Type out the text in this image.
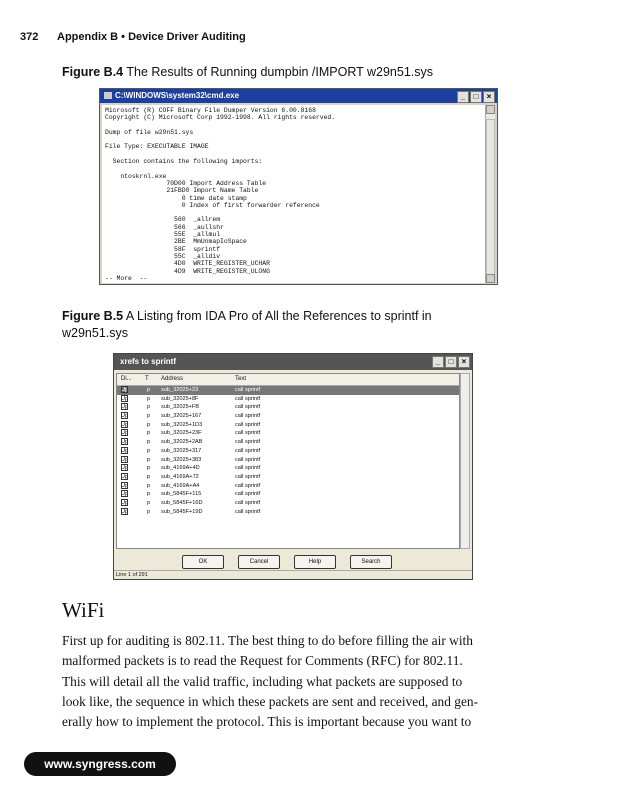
372 Appendix B • Device Driver Auditing
Figure B.4 The Results of Running dumpbin /IMPORT w29n51.sys
C:\WINDOWS\system32\cmd.exe	_ □ ×
Microsoft (R) COFF Binary File Dumper Version 6.00.8168
Copyright (C) Microsoft Corp 1992-1998. All rights reserved.

Dump of file w29n51.sys

File Type: EXECUTABLE IMAGE

Section contains the following imports:

ntoskrnl.exe
70D00 Import Address Table
21FBD0 Import Name Table
0 time date stamp
0 Index of first forwarder reference

560  _allrem
566  _aullshr
55E  _allmul
2BE  MmUnmapIoSpace
58F  sprintf
55C  _alldiv
4D0  WRITE_REGISTER_UCHAR
4D9  WRITE_REGISTER_ULONG
-- More  --

Figure B.5 A Listing from IDA Pro of All the References to sprintf in
w29n51.sys
xrefs to sprintf	_ □ ×
Di... T Address	Text
Up	p sub_32025+23	call sprintf
Up	p sub_32025+8F	call sprintf
Up	p sub_32025+FB	call sprintf
Up	p sub_32025+167	call sprintf
Up	p sub_32025+1D3	call sprintf
Up	p sub_32025+23F	call sprintf
Up	p sub_32025+2AB	call sprintf
Up	p sub_32025+317	call sprintf
Up	p sub_32025+383	call sprintf
Up	p sub_4169A+4D	call sprintf
Up	p sub_4169A+72	call sprintf
Up	p sub_4169A+A4	call sprintf
Up	p sub_5845F+115	call sprintf
Up	p sub_5845F+16D	call sprintf
Up	p sub_5845F+19D	call sprintf
OK	Cancel	Help	Search
Line 1 of 291
WiFi
First up for auditing is 802.11. The best thing to do before filling the air with
malformed packets is to read the Request for Comments (RFC) for 802.11.
This will detail all the valid traffic, including what packets are supposed to
look like, the sequence in which these packets are sent and received, and gen-
erally how to implement the protocol. This is important because you want to
www.syngress.com
